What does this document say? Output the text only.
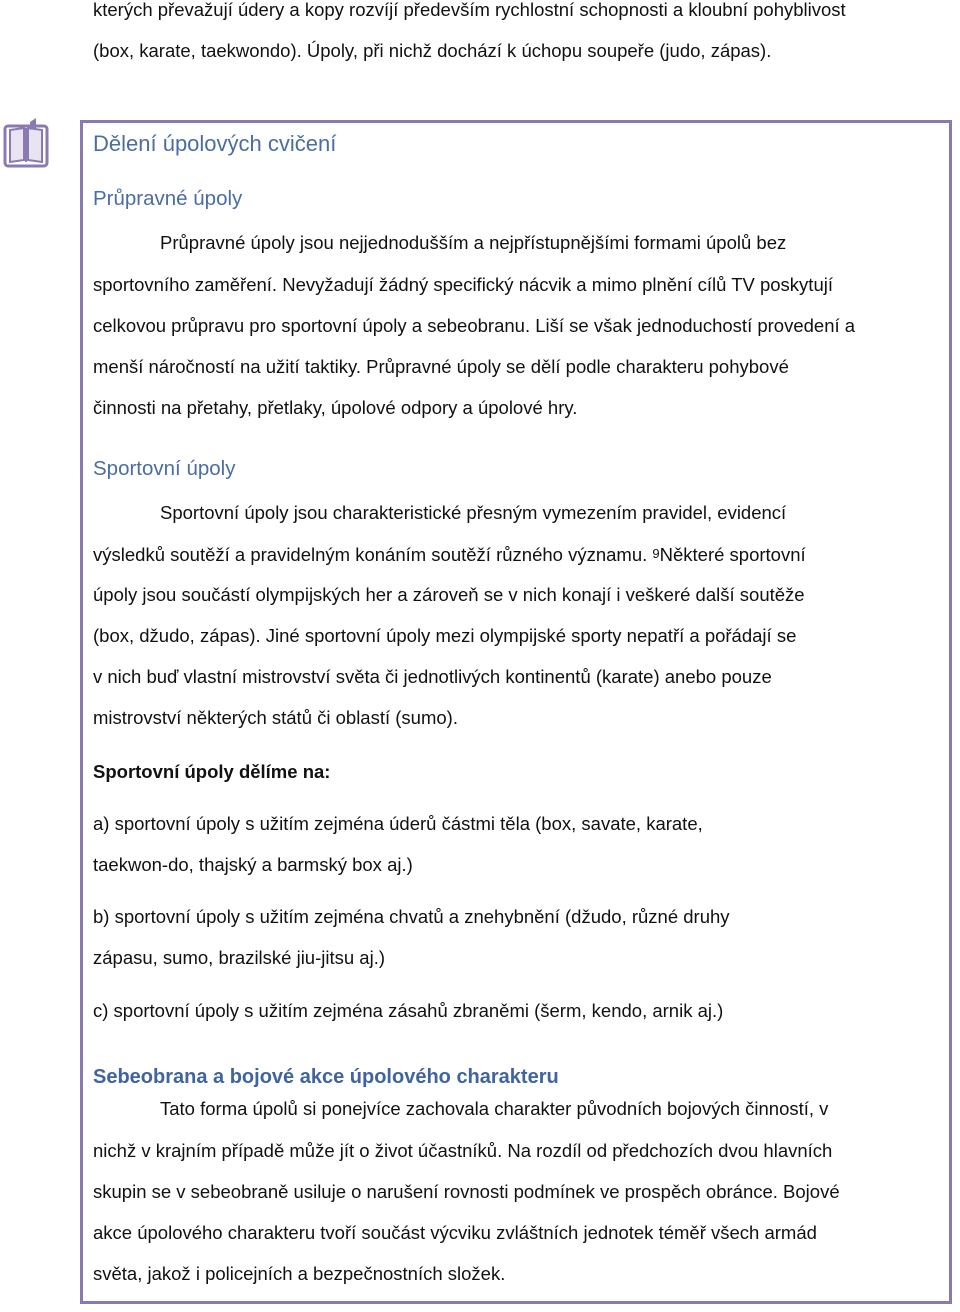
kterých převažují údery a kopy rozvíjí především rychlostní schopnosti a kloubní pohyblivost
(box, karate, taekwondo). Úpoly, při nichž dochází k úchopu soupeře (judo, zápas).
Dělení úpolových cvičení
Průpravné úpoly
Průpravné úpoly jsou nejjednodušším a nejpřístupnějšími formami úpolů bez
sportovního zaměření. Nevyžadují žádný specifický nácvik a mimo plnění cílů TV poskytují
celkovou průpravu pro sportovní úpoly a sebeobranu. Liší se však jednoduchostí provedení a
menší náročností na užití taktiky. Průpravné úpoly se dělí podle charakteru pohybové
činnosti na přetahy, přetlaky, úpolové odpory a úpolové hry.
Sportovní úpoly
Sportovní úpoly jsou charakteristické přesným vymezením pravidel, evidencí
výsledků soutěží a pravidelným konáním soutěží různého významu. 9Některé sportovní
úpoly jsou součástí olympijských her a zároveň se v nich konají i veškeré další soutěže
(box, džudo, zápas). Jiné sportovní úpoly mezi olympijské sporty nepatří a pořádají se
v nich buď vlastní mistrovství světa či jednotlivých kontinentů (karate) anebo pouze
mistrovství některých států či oblastí (sumo).
Sportovní úpoly dělíme na:
a) sportovní úpoly s užitím zejména úderů částmi těla (box, savate, karate,
taekwon-do, thajský a barmský box aj.)
b) sportovní úpoly s užitím zejména chvatů a znehybnění (džudo, různé druhy
zápasu, sumo, brazilské jiu-jitsu aj.)
c) sportovní úpoly s užitím zejména zásahů zbraněmi (šerm, kendo, arnik aj.)
Sebeobrana a bojové akce úpolového charakteru
Tato forma úpolů si ponejvíce zachovala charakter původních bojových činností, v
nichž v krajním případě může jít o život účastníků. Na rozdíl od předchozích dvou hlavních
skupin se v sebeobraně usiluje o narušení rovnosti podmínek ve prospěch obránce. Bojové
akce úpolového charakteru tvoří součást výcviku zvláštních jednotek téměř všech armád
světa, jakož i policejních a bezpečnostních složek.
